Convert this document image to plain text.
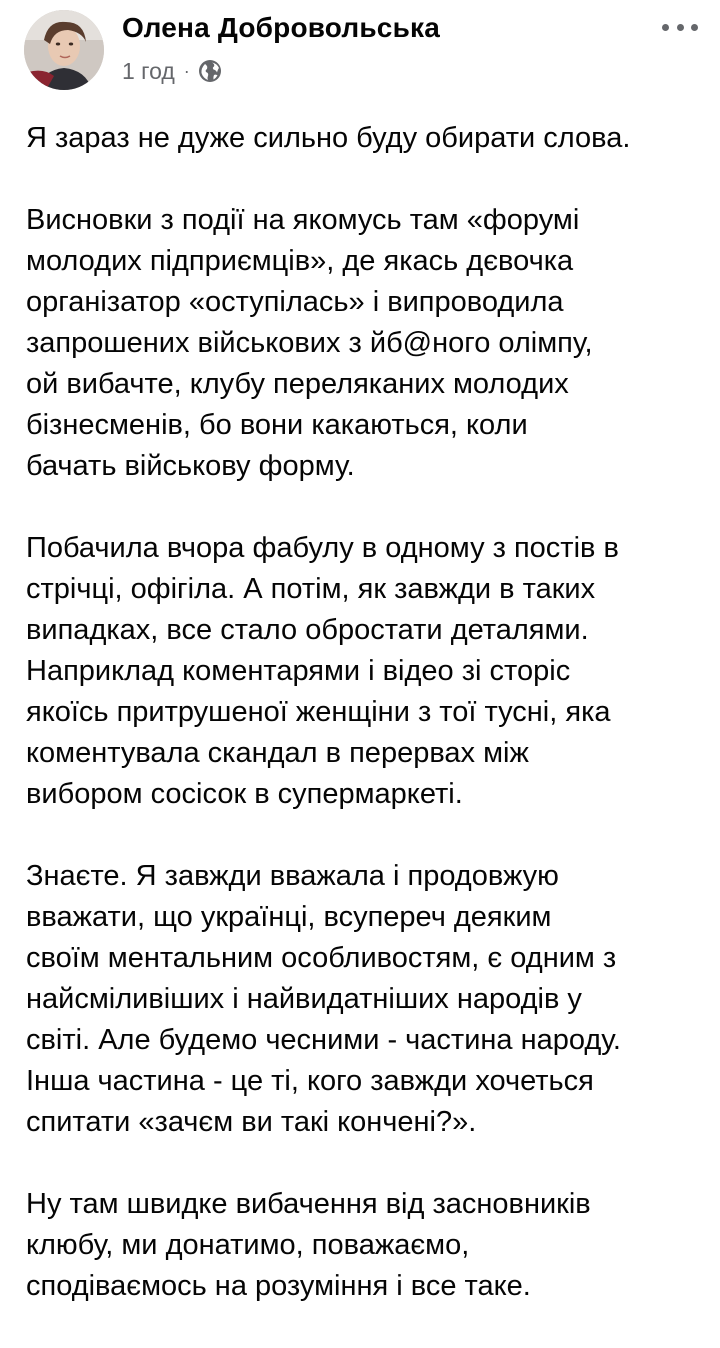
Олена Добровольська
1 год ·

Я зараз не дуже сильно буду обирати слова.

Висновки з події на якомусь там «форумі
молодих підприємців», де якась дєвочка
організатор «оступілась» і випроводила
запрошених військових з йб@ного олімпу,
ой вибачте, клубу переляканих молодих
бізнесменів, бо вони какаються, коли
бачать військову форму.

Побачила вчора фабулу в одному з постів в
стрічці, офігіла. А потім, як завжди в таких
випадках, все стало обростати деталями.
Наприклад коментарями і відео зі сторіс
якоїсь притрушеної женщіни з тої тусні, яка
коментувала скандал в перервах між
вибором сосісок в супермаркеті.

Знаєте. Я завжди вважала і продовжую
вважати, що українці, всупереч деяким
своїм ментальним особливостям, є одним з
найсміливіших і найвидатніших народів у
світі. Але будемо чесними - частина народу.
Інша частина - це ті, кого завжди хочеться
спитати «зачєм ви такі кончені?».

Ну там швидке вибачення від засновників
клюбу, ми донатимо, поважаємо,
сподіваємось на розуміння і все таке.
